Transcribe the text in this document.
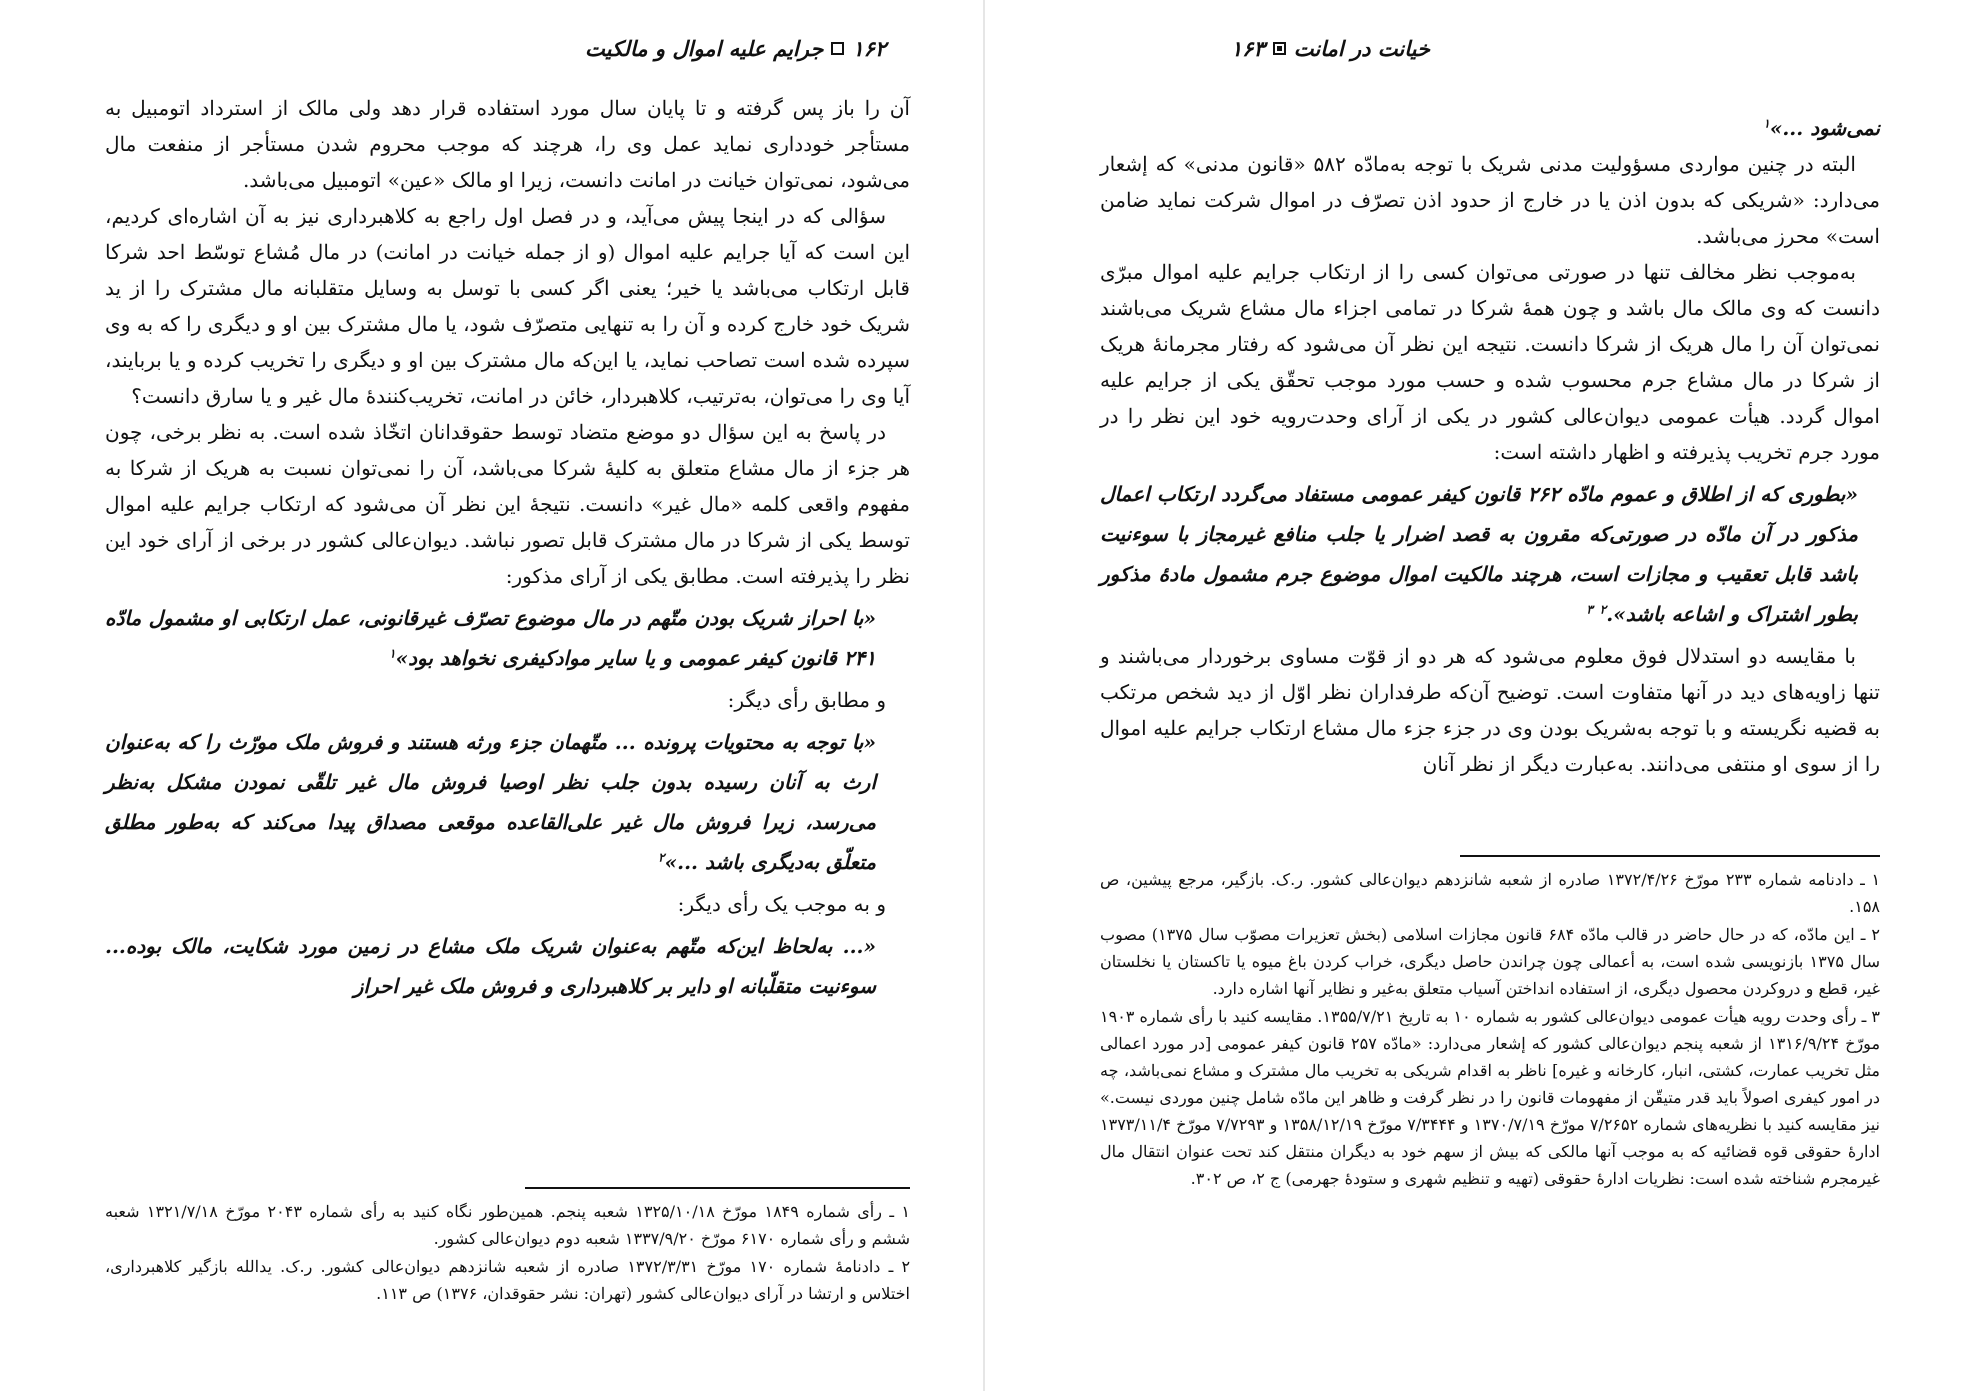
۱۶۲
جرایم علیه اموال و مالکیت

آن را باز پس گرفته و تا پایان سال مورد استفاده قرار دهد ولی مالک از استرداد اتومبیل به مستأجر خودداری نماید عمل وی را، هرچند که موجب محروم شدن مستأجر از منفعت مال می‌شود، نمی‌توان خیانت در امانت دانست، زیرا او مالک «عین» اتومبیل می‌باشد.

سؤالی که در اینجا پیش می‌آید، و در فصل اول راجع به کلاهبرداری نیز به آن اشاره‌ای کردیم، این است که آیا جرایم علیه اموال (و از جمله خیانت در امانت) در مال مُشاع توسّط احد شرکا قابل ارتکاب می‌باشد یا خیر؛ یعنی اگر کسی با توسل به وسایل متقلبانه مال مشترک را از ید شریک خود خارج کرده و آن را به تنهایی متصرّف شود، یا مال مشترک بین او و دیگری را که به وی سپرده شده است تصاحب نماید، یا این‌که مال مشترک بین او و دیگری را تخریب کرده و یا بربایند، آیا وی را می‌توان، به‌ترتیب، کلاهبردار، خائن در امانت، تخریب‌کنندهٔ مال غیر و یا سارق دانست؟

در پاسخ به این سؤال دو موضع متضاد توسط حقوقدانان اتخّاذ شده است. به نظر برخی، چون هر جزء از مال مشاع متعلق به کلیهٔ شرکا می‌باشد، آن را نمی‌توان نسبت به هریک از شرکا به مفهوم واقعی کلمه «مال غیر» دانست. نتیجهٔ این نظر آن می‌شود که ارتکاب جرایم علیه اموال توسط یکی از شرکا در مال مشترک قابل تصور نباشد. دیوان‌عالی کشور در برخی از آرای خود این نظر را پذیرفته است. مطابق یکی از آرای مذکور:

«با احراز شریک بودن متّهم در مال موضوع تصرّف غیرقانونی، عمل ارتکابی او مشمول مادّه ۲۴۱ قانون کیفر عمومی و یا سایر موادکیفری نخواهد بود»$^۱$

و مطابق رأی دیگر:

«با توجه به محتویات پرونده ... متّهمان جزء ورثه هستند و فروش ملک مورّث را که به‌عنوان ارث به آنان رسیده بدون جلب نظر اوصیا فروش مال غیر تلقّی نمودن مشکل به‌نظر می‌رسد، زیرا فروش مال غیر علی‌القاعده موقعی مصداق پیدا می‌کند که به‌طور مطلق متعلّق به‌دیگری باشد ...»$^۲$

و به موجب یک رأی دیگر:

«... به‌لحاظ این‌که متّهم به‌عنوان شریک ملک مشاع در زمین مورد شکایت، مالک بوده... سوءنیت متقلّبانه او دایر بر کلاهبرداری و فروش ملک غیر احراز

۱ ـ رأی شماره ۱۸۴۹ مورّخ ۱۳۲۵/۱۰/۱۸ شعبه پنجم. همین‌طور نگاه کنید به رأی شماره ۲۰۴۳ مورّخ ۱۳۲۱/۷/۱۸ شعبه ششم و رأی شماره ۶۱۷۰ مورّخ ۱۳۳۷/۹/۲۰ شعبه دوم دیوان‌عالی کشور.

۲ ـ دادنامهٔ شماره ۱۷۰ مورّخ ۱۳۷۲/۳/۳۱ صادره از شعبه شانزدهم دیوان‌عالی کشور. ر.ک. یدالله بازگیر کلاهبرداری، اختلاس و ارتشا در آرای دیوان‌عالی کشور (تهران: نشر حقوقدان، ۱۳۷۶) ص ۱۱۳.

خیانت در امانت
۱۶۳

نمی‌شود ...»$^۱$

البته در چنین مواردی مسؤولیت مدنی شریک با توجه به‌مادّه ۵۸۲ «قانون مدنی» که إشعار می‌دارد: «شریکی که بدون اذن یا در خارج از حدود اذن تصرّف در اموال شرکت نماید ضامن است» محرز می‌باشد.

به‌موجب نظر مخالف تنها در صورتی می‌توان کسی را از ارتکاب جرایم علیه اموال مبرّی دانست که وی مالک مال باشد و چون همهٔ شرکا در تمامی اجزاء مال مشاع شریک می‌باشند نمی‌توان آن را مال هریک از شرکا دانست. نتیجه این نظر آن می‌شود که رفتار مجرمانهٔ هریک از شرکا در مال مشاع جرم محسوب شده و حسب مورد موجب تحقّق یکی از جرایم علیه اموال گردد. هیأت عمومی دیوان‌عالی کشور در یکی از آرای وحدت‌رویه خود این نظر را در مورد جرم تخریب پذیرفته و اظهار داشته است:

«بطوری که از اطلاق و عموم مادّه ۲۶۲ قانون کیفر عمومی مستفاد می‌گردد ارتکاب اعمال مذکور در آن مادّه در صورتی‌که مقرون به قصد اضرار یا جلب منافع غیرمجاز با سوءنیت باشد قابل تعقیب و مجازات است، هرچند مالکیت اموال موضوع جرم مشمول مادهٔ مذکور بطور اشتراک و اشاعه باشد».$^۲$ $^۳$

با مقایسه دو استدلال فوق معلوم می‌شود که هر دو از قوّت مساوی برخوردار می‌باشند و تنها زاویه‌های دید در آنها متفاوت است. توضیح آن‌که طرفداران نظر اوّل از دید شخص مرتکب به قضیه نگریسته و با توجه به‌شریک بودن وی در جزء جزء مال مشاع ارتکاب جرایم علیه اموال را از سوی او منتفی می‌دانند. به‌عبارت دیگر از نظر آنان

۱ ـ دادنامه شماره ۲۳۳ مورّخ ۱۳۷۲/۴/۲۶ صادره از شعبه شانزدهم دیوان‌عالی کشور. ر.ک. بازگیر، مرجع پیشین، ص ۱۵۸.

۲ ـ این مادّه، که در حال حاضر در قالب مادّه ۶۸۴ قانون مجازات اسلامی (بخش تعزیرات مصوّب سال ۱۳۷۵) مصوب سال ۱۳۷۵ بازنویسی شده است، به أعمالی چون چراندن حاصل دیگری، خراب کردن باغ میوه یا تاکستان یا نخلستان غیر، قطع و دروکردن محصول دیگری، از استفاده انداختن آسیاب متعلق به‌غیر و نظایر آنها اشاره دارد.

۳ ـ رأی وحدت رویه هیأت عمومی دیوان‌عالی کشور به شماره ۱۰ به تاریخ ۱۳۵۵/۷/۲۱. مقایسه کنید با رأی شماره ۱۹۰۳ مورّخ ۱۳۱۶/۹/۲۴ از شعبه پنجم دیوان‌عالی کشور که إشعار می‌دارد: «مادّه ۲۵۷ قانون کیفر عمومی [در مورد اعمالی مثل تخریب عمارت، کشتی، انبار، کارخانه و غیره] ناظر به اقدام شریکی به تخریب مال مشترک و مشاع نمی‌باشد، چه در امور کیفری اصولاً باید قدر متیقّن از مفهومات قانون را در نظر گرفت و ظاهر این مادّه شامل چنین موردی نیست.» نیز مقایسه کنید با نظریه‌های شماره ۷/۲۶۵۲ مورّخ ۱۳۷۰/۷/۱۹ و ۷/۳۴۴۴ مورّخ ۱۳۵۸/۱۲/۱۹ و ۷/۷۲۹۳ مورّخ ۱۳۷۳/۱۱/۴ ادارهٔ حقوقی قوه قضائیه که به موجب آنها مالکی که بیش از سهم خود به دیگران منتقل کند تحت عنوان انتقال مال غیرمجرم شناخته شده است: نظریات ادارهٔ حقوقی (تهیه و تنظیم شهری و ستودهٔ جهرمی) ج ۲، ص ۳۰۲.
